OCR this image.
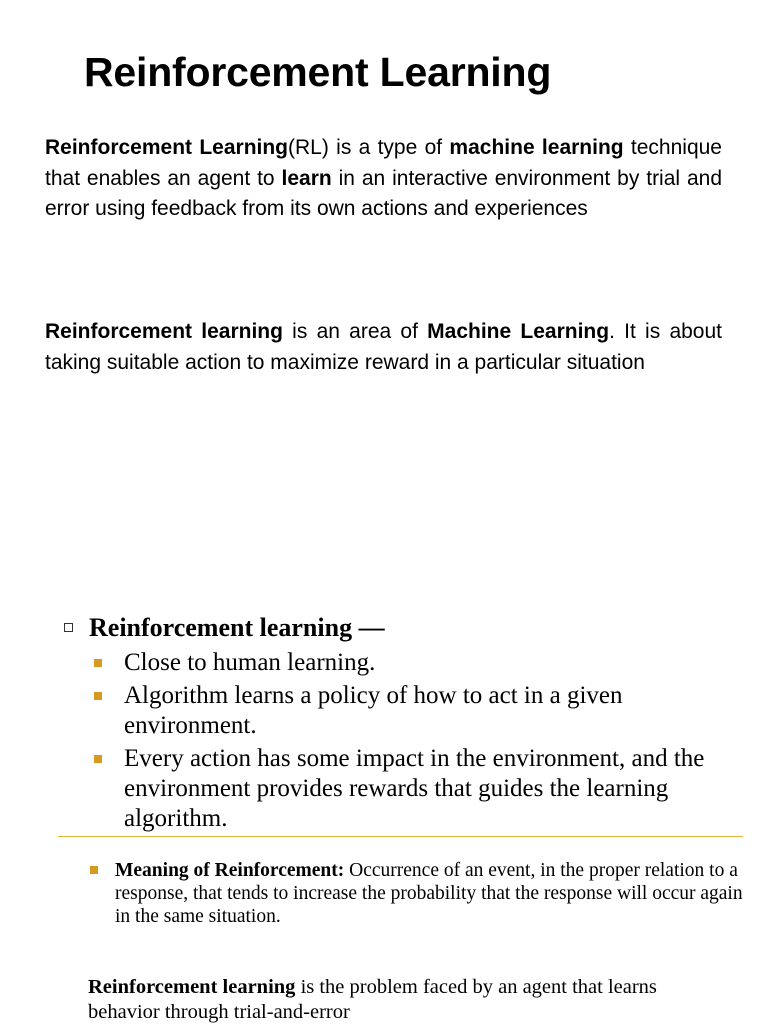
Reinforcement Learning

Reinforcement Learning(RL) is a type of machine learning technique that enables an agent to learn in an interactive environment by trial and error using feedback from its own actions and experiences

Reinforcement learning is an area of Machine Learning. It is about taking suitable action to maximize reward in a particular situation

Reinforcement learning —

Close to human learning.
Algorithm learns a policy of how to act in a given environment.
Every action has some impact in the environment, and the environment provides rewards that guides the learning algorithm.

Meaning of Reinforcement: Occurrence of an event, in the proper relation to a response, that tends to increase the probability that the response will occur again in the same situation.

Reinforcement learning is the problem faced by an agent that learns behavior through trial-and-error
